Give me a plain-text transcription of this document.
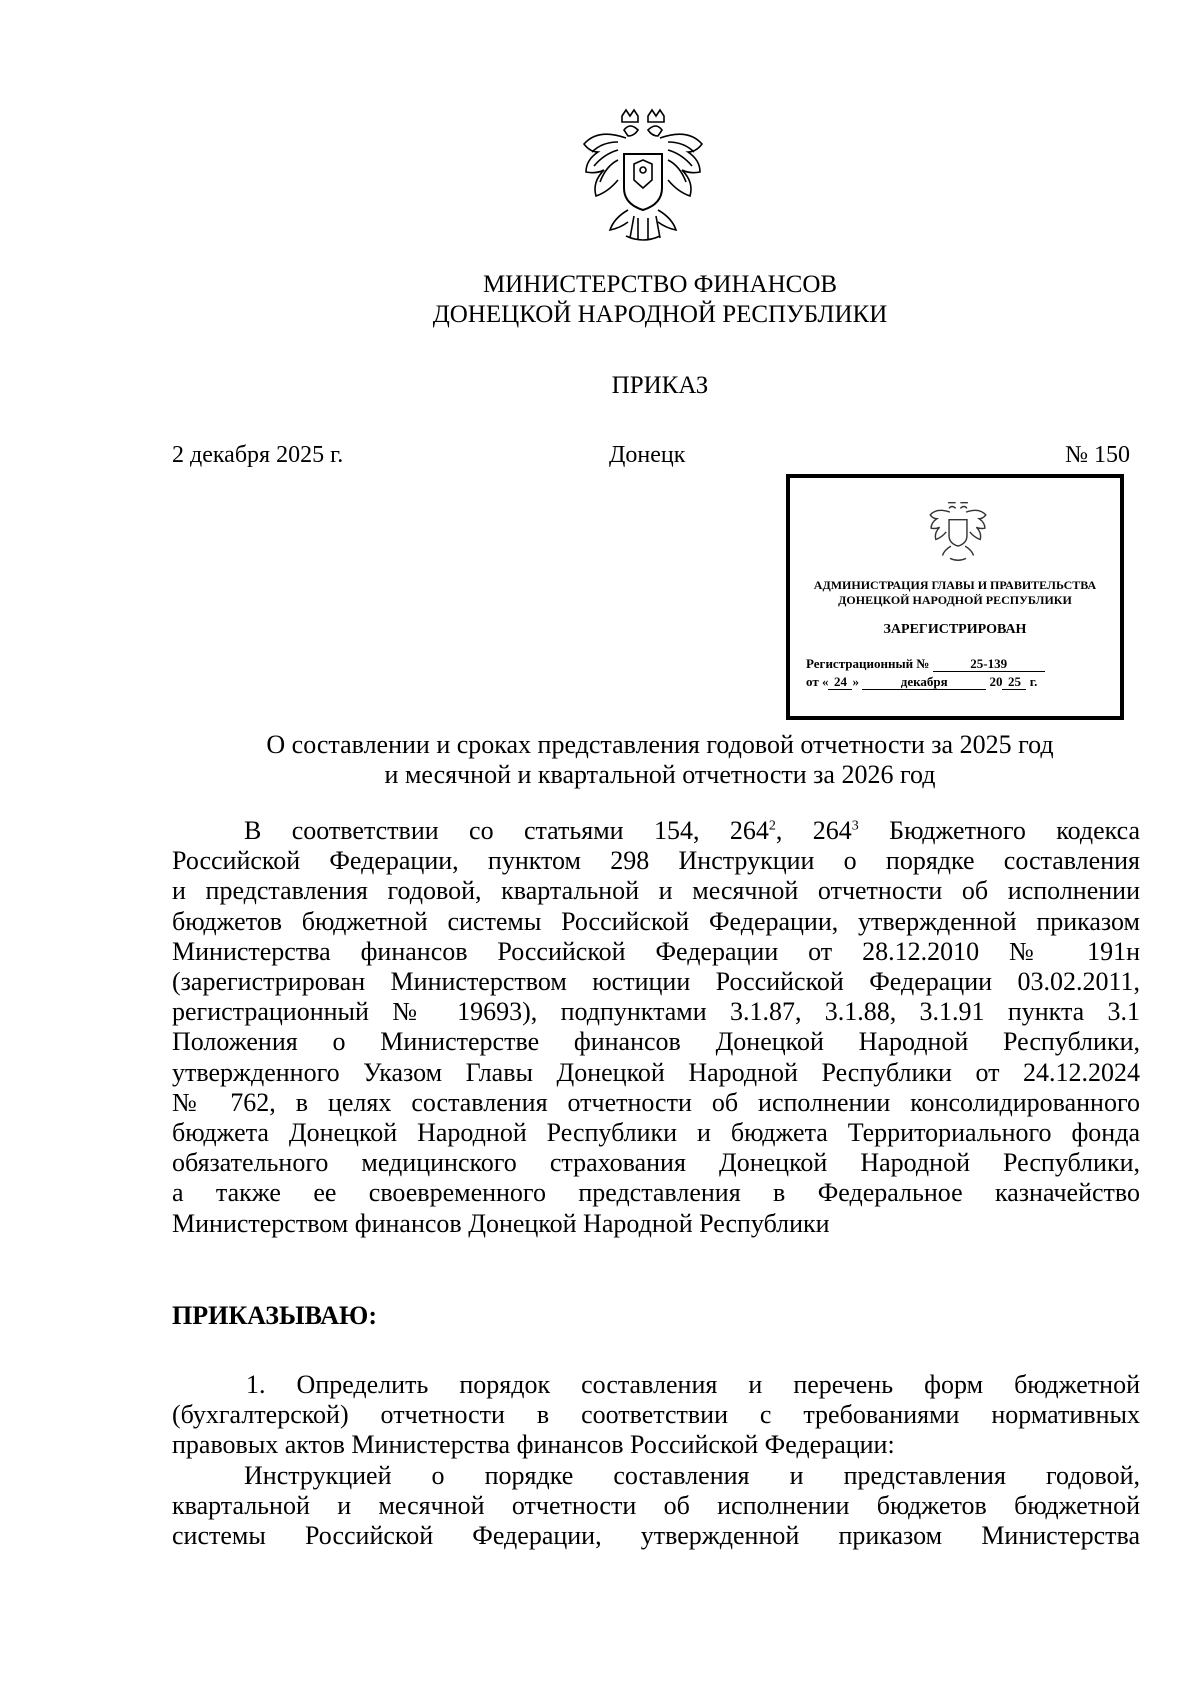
МИНИСТЕРСТВО ФИНАНСОВ
ДОНЕЦКОЙ НАРОДНОЙ РЕСПУБЛИКИ
ПРИКАЗ
2 декабря 2025 г.	Донецк	№ 150
АДМИНИСТРАЦИЯ ГЛАВЫ И ПРАВИТЕЛЬСТВА
ДОНЕЦКОЙ НАРОДНОЙ РЕСПУБЛИКИ
ЗАРЕГИСТРИРОВАН
Регистрационный №	25-139
от « 24 »	декабря	20 25 г.
О составлении и сроках представления годовой отчетности за 2025 год
и месячной и квартальной отчетности за 2026 год
В соответствии со статьями 154, $264^2$, $264^3$ Бюджетного кодекса
Российской Федерации, пунктом 298 Инструкции о порядке составления
и представления годовой, квартальной и месячной отчетности об исполнении
бюджетов бюджетной системы Российской Федерации, утвержденной приказом
Министерства финансов Российской Федерации от 28.12.2010 № 191н
(зарегистрирован Министерством юстиции Российской Федерации 03.02.2011,
регистрационный № 19693), подпунктами 3.1.87, 3.1.88, 3.1.91 пункта 3.1
Положения о Министерстве финансов Донецкой Народной Республики,
утвержденного Указом Главы Донецкой Народной Республики от 24.12.2024
№ 762, в целях составления отчетности об исполнении консолидированного
бюджета Донецкой Народной Республики и бюджета Территориального фонда
обязательного медицинского страхования Донецкой Народной Республики,
а также ее своевременного представления в Федеральное казначейство
Министерством финансов Донецкой Народной Республики
ПРИКАЗЫВАЮ:
1. Определить порядок составления и перечень форм бюджетной
(бухгалтерской) отчетности в соответствии с требованиями нормативных
правовых актов Министерства финансов Российской Федерации:
Инструкцией о порядке составления и представления годовой,
квартальной и месячной отчетности об исполнении бюджетов бюджетной
системы Российской Федерации, утвержденной приказом Министерства
